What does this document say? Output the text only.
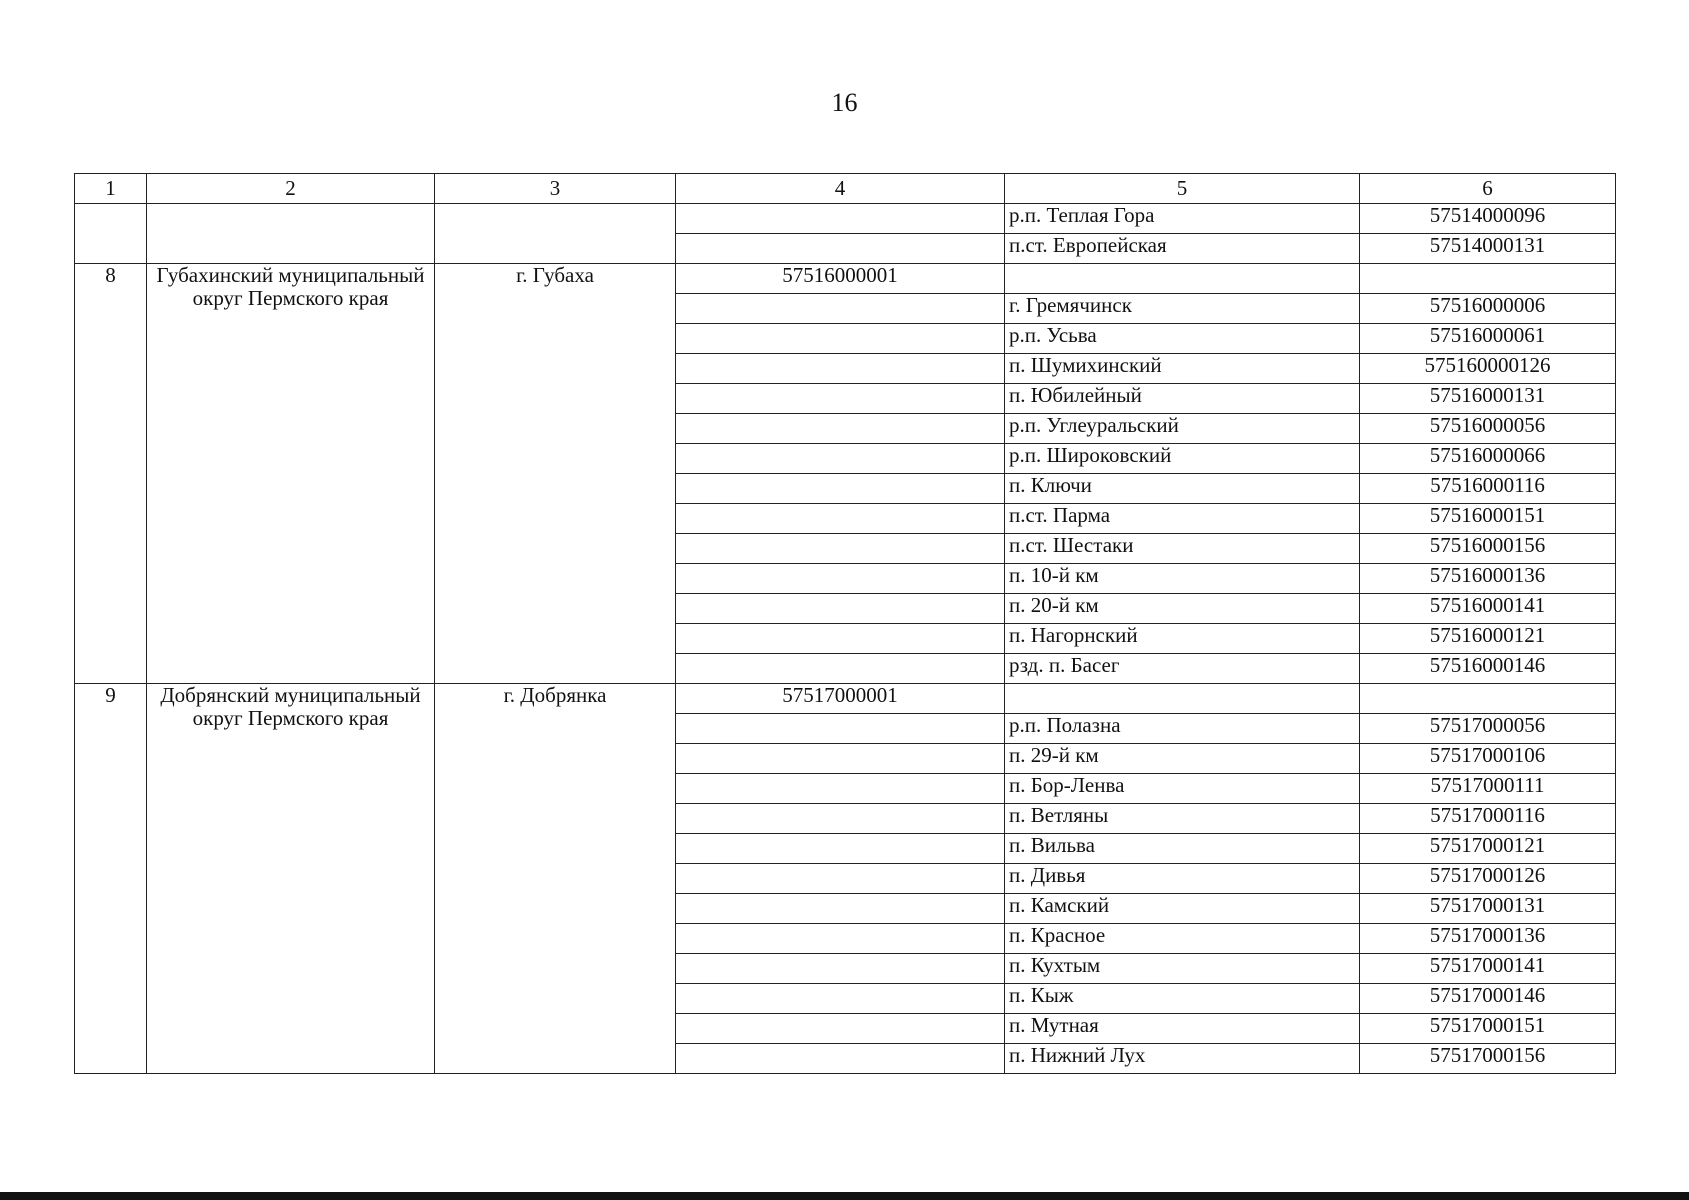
16
1	2	3	4	5	6
				р.п. Теплая Гора	57514000096
				п.ст. Европейская	57514000131
8	Губахинский муниципальный округ Пермского края	г. Губаха	57516000001		
				г. Гремячинск	57516000006
				р.п. Усьва	57516000061
				п. Шумихинский	575160000126
				п. Юбилейный	57516000131
				р.п. Углеуральский	57516000056
				р.п. Широковский	57516000066
				п. Ключи	57516000116
				п.ст. Парма	57516000151
				п.ст. Шестаки	57516000156
				п. 10-й км	57516000136
				п. 20-й км	57516000141
				п. Нагорнский	57516000121
				рзд. п. Басег	57516000146
9	Добрянский муниципальный округ Пермского края	г. Добрянка	57517000001		
				р.п. Полазна	57517000056
				п. 29-й км	57517000106
				п. Бор-Ленва	57517000111
				п. Ветляны	57517000116
				п. Вильва	57517000121
				п. Дивья	57517000126
				п. Камский	57517000131
				п. Красное	57517000136
				п. Кухтым	57517000141
				п. Кыж	57517000146
				п. Мутная	57517000151
				п. Нижний Лух	57517000156
